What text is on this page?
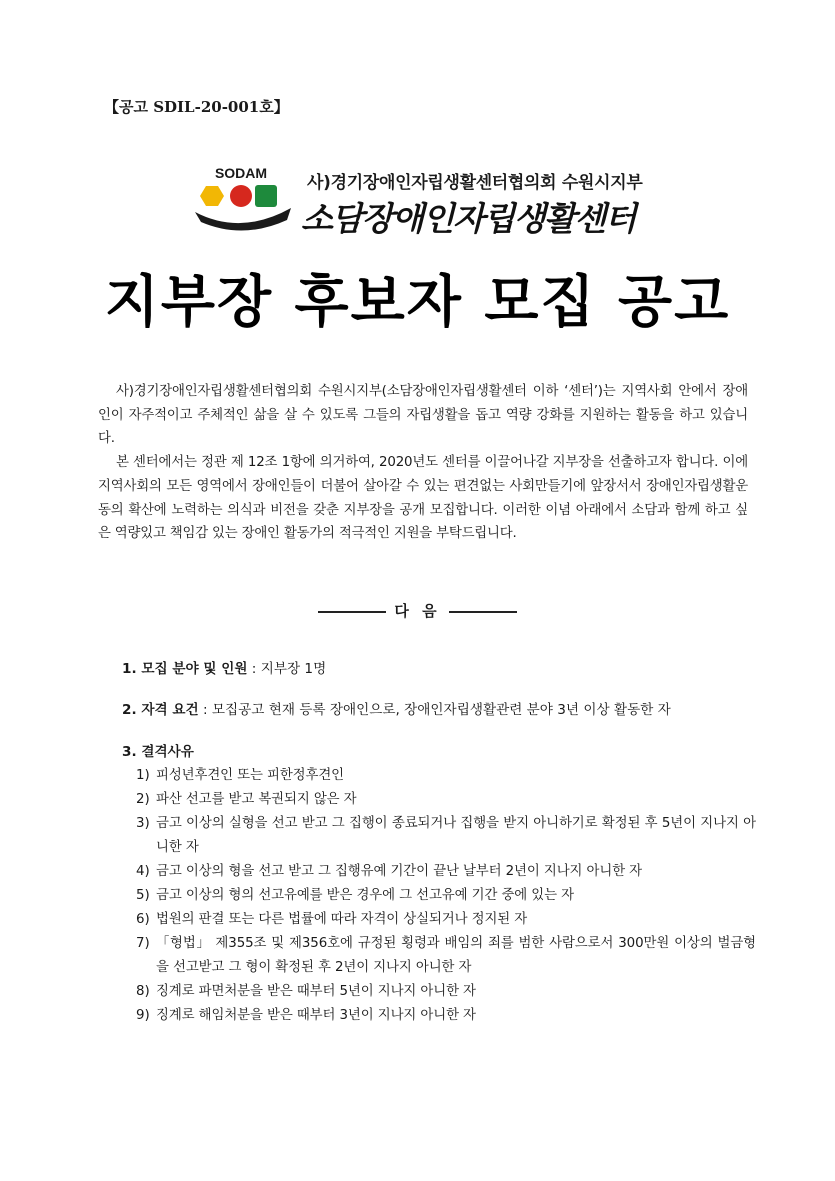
【공고 SDIL-20-001호】
SODAM 사)경기장애인자립생활센터협의회 수원시지부
소담장애인자립생활센터
지부장 후보자 모집 공고

사)경기장애인자립생활센터협의회 수원시지부(소담장애인자립생활센터 이하 ‘센터’)는 지역사회 안에서 장애인이 자주적이고 주체적인 삶을 살 수 있도록 그들의 자립생활을 돕고 역량 강화를 지원하는 활동을 하고 있습니다.

본 센터에서는 정관 제 12조 1항에 의거하여, 2020년도 센터를 이끌어나갈 지부장을 선출하고자 합니다. 이에 지역사회의 모든 영역에서 장애인들이 더불어 살아갈 수 있는 편견없는 사회만들기에 앞장서서 장애인자립생활운동의 확산에 노력하는 의식과 비전을 갖춘 지부장을 공개 모집합니다. 이러한 이념 아래에서 소담과 함께 하고 싶은 역량있고 책임감 있는 장애인 활동가의 적극적인 지원을 부탁드립니다.

다 음
1. 모집 분야 및 인원 : 지부장 1명
2. 자격 요건 : 모집공고 현재 등록 장애인으로, 장애인자립생활관련 분야 3년 이상 활동한 자
3. 결격사유
1) 피성년후견인 또는 피한정후견인
2) 파산 선고를 받고 복권되지 않은 자
3) 금고 이상의 실형을 선고 받고 그 집행이 종료되거나 집행을 받지 아니하기로 확정된 후 5년이 지나지 아니한 자
4) 금고 이상의 형을 선고 받고 그 집행유예 기간이 끝난 날부터 2년이 지나지 아니한 자
5) 금고 이상의 형의 선고유예를 받은 경우에 그 선고유예 기간 중에 있는 자
6) 법원의 판결 또는 다른 법률에 따라 자격이 상실되거나 정지된 자
7) 「형법」 제355조 및 제356호에 규정된 횡령과 배임의 죄를 범한 사람으로서 300만원 이상의 벌금형을 선고받고 그 형이 확정된 후 2년이 지나지 아니한 자
8) 징계로 파면처분을 받은 때부터 5년이 지나지 아니한 자
9) 징계로 해임처분을 받은 때부터 3년이 지나지 아니한 자
